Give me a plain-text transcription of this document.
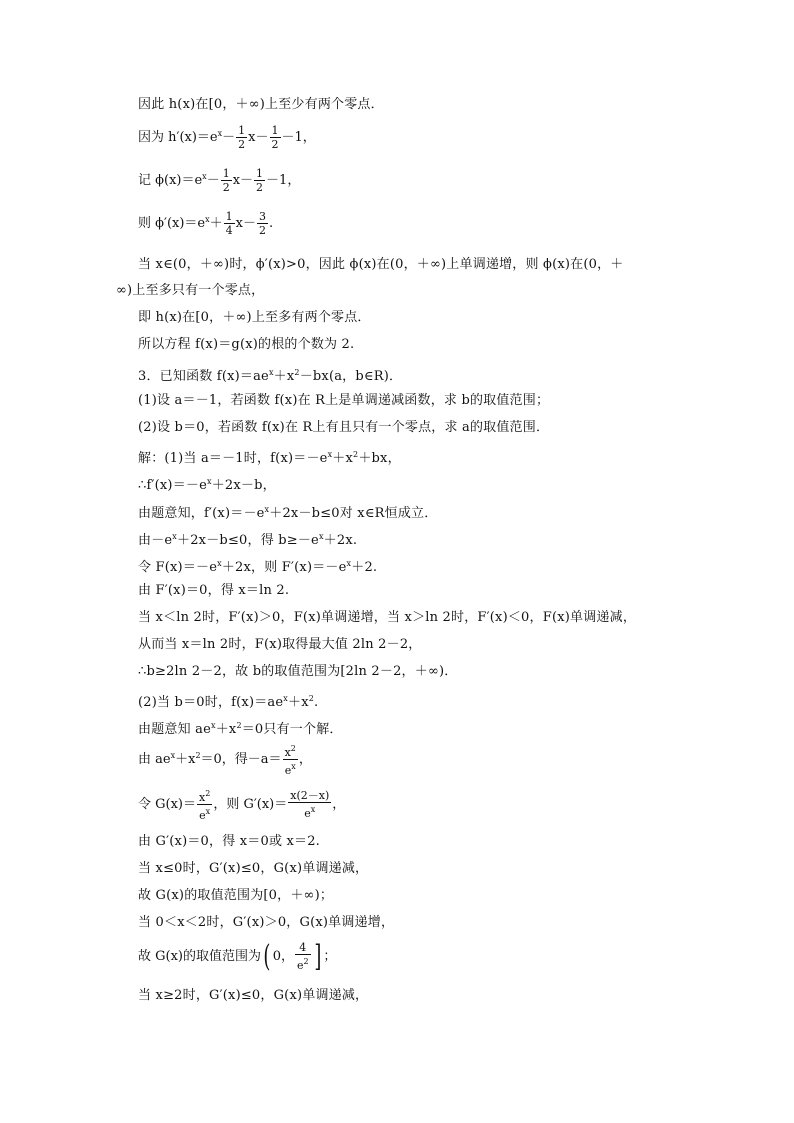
因此 h(x)在[0，＋∞)上至少有两个零点．
因为 $h'(x)=e^x- \frac{1}{2} x- \frac{1}{2} -1$，
记 $\phi(x)=e^x- \frac{1}{2} x- \frac{1}{2} -1$，
则 $\phi'(x)=e^x+ \frac{1}{4} x- \frac{3}{2}$ .
当 x∈(0，＋∞)时，ϕ′(x)>0，因此 ϕ(x)在(0，＋∞)上单调递增，则 ϕ(x)在(0，＋
∞)上至多只有一个零点，
即 h(x)在[0，＋∞)上至多有两个零点．
所以方程 f(x)＝g(x)的根的个数为 2.
3．已知函数 $f(x)=ae^x+x^2-bx(a$，b∈R)．
(1)设 a＝－1，若函数 f(x)在 R上是单调递减函数，求 b的取值范围；
(2)设 b＝0，若函数 f(x)在 R上有且只有一个零点，求 a的取值范围．
解：(1)当 a＝－1时，$f(x)=-e^x+x^2+bx$，
$\therefore f'(x)=-e^x+2x-b$，
由题意知，$f'(x)=-e^x+2x-b\le 0$对 x∈R恒成立．
由$-e^x+2x-b\le 0$，得 $b\ge-e^x+2x$.
令 $F(x)=-e^x+2x$，则 $F'(x)=-e^x+2$.
由 F′(x)＝0，得 x＝ln 2.
当 x＜ln 2时，F′(x)＞0，F(x)单调递增，当 x＞ln 2时，F′(x)＜0，F(x)单调递减，
从而当 x＝ln 2时，F(x)取得最大值 2ln 2－2，
∴b≥2ln 2－2，故 b的取值范围为[2ln 2－2，＋∞)．
(2)当 b＝0时，$f(x)=ae^x+x^2$.
由题意知 $ae^x+x^2=0$只有一个解．
由 $ae^x+x^2=0$，得$-a= \frac{x^2}{e^x}$ ，
令 $G(x)= \frac{x^2}{e^x}$ ，则 $G'(x)= \frac{x(2-x)}{e^x}$ ，
由 G′(x)＝0，得 x＝0或 x＝2.
当 x≤0时，G′(x)≤0，G(x)单调递减，
故 G(x)的取值范围为[0，＋∞)；
当 0＜x＜2时，G′(x)＞0，G(x)单调递增，
故 G(x)的取值范围为( 0， $\frac{4}{e^2}$ ] ；
当 x≥2时，G′(x)≤0，G(x)单调递减，
